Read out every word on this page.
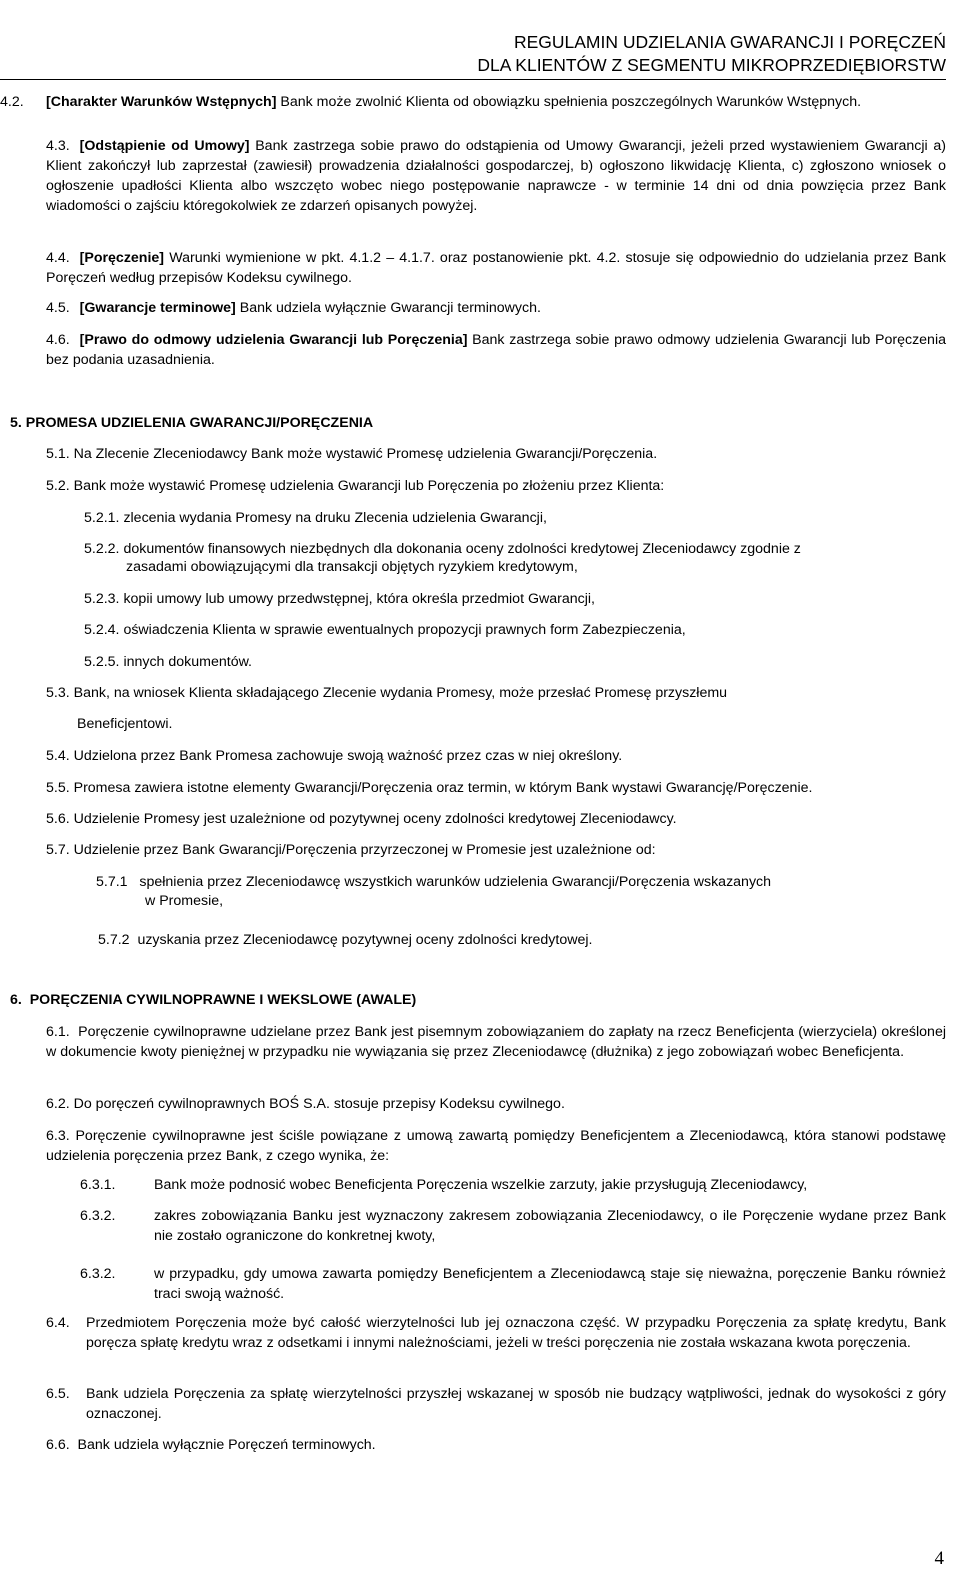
REGULAMIN UDZIELANIA GWARANCJI I PORĘCZEŃ
DLA KLIENTÓW Z SEGMENTU MIKROPRZEDIĘBIORSTW
4.2.	[Charakter Warunków Wstępnych] Bank może zwolnić Klienta od obowiązku spełnienia poszczególnych Warunków Wstępnych.
4.3. [Odstąpienie od Umowy] Bank zastrzega sobie prawo do odstąpienia od Umowy Gwarancji, jeżeli przed wystawieniem Gwarancji a) Klient zakończył lub zaprzestał (zawiesił) prowadzenia działalności gospodarczej, b) ogłoszono likwidację Klienta, c) zgłoszono wniosek o ogłoszenie upadłości Klienta albo wszczęto wobec niego postępowanie naprawcze - w terminie 14 dni od dnia powzięcia przez Bank wiadomości o zajściu któregokolwiek ze zdarzeń opisanych powyżej.
4.4. [Poręczenie] Warunki wymienione w pkt. 4.1.2 – 4.1.7. oraz postanowienie pkt. 4.2. stosuje się odpowiednio do udzielania przez Bank Poręczeń według przepisów Kodeksu cywilnego.
4.5. [Gwarancje terminowe] Bank udziela wyłącznie Gwarancji terminowych.
4.6. [Prawo do odmowy udzielenia Gwarancji lub Poręczenia] Bank zastrzega sobie prawo odmowy udzielenia Gwarancji lub Poręczenia bez podania uzasadnienia.
5. PROMESA UDZIELENIA GWARANCJI/PORĘCZENIA
5.1. Na Zlecenie Zleceniodawcy Bank może wystawić Promesę udzielenia Gwarancji/Poręczenia.
5.2. Bank może wystawić Promesę udzielenia Gwarancji lub Poręczenia po złożeniu przez Klienta:
5.2.1. zlecenia wydania Promesy na druku Zlecenia udzielenia Gwarancji,
5.2.2. dokumentów finansowych niezbędnych dla dokonania oceny zdolności kredytowej Zleceniodawcy zgodnie z
zasadami obowiązującymi dla transakcji objętych ryzykiem kredytowym,
5.2.3. kopii umowy lub umowy przedwstępnej, która określa przedmiot Gwarancji,
5.2.4. oświadczenia Klienta w sprawie ewentualnych propozycji prawnych form Zabezpieczenia,
5.2.5. innych dokumentów.
5.3. Bank, na wniosek Klienta składającego Zlecenie wydania Promesy, może przesłać Promesę przyszłemu
Beneficjentowi.
5.4. Udzielona przez Bank Promesa zachowuje swoją ważność przez czas w niej określony.
5.5. Promesa zawiera istotne elementy Gwarancji/Poręczenia oraz termin, w którym Bank wystawi Gwarancję/Poręczenie.
5.6. Udzielenie Promesy jest uzależnione od pozytywnej oceny zdolności kredytowej Zleceniodawcy.
5.7. Udzielenie przez Bank Gwarancji/Poręczenia przyrzeczonej w Promesie jest uzależnione od:
5.7.1   spełnienia przez Zleceniodawcę wszystkich warunków udzielenia Gwarancji/Poręczenia wskazanych
w Promesie,
5.7.2  uzyskania przez Zleceniodawcę pozytywnej oceny zdolności kredytowej.
6.  PORĘCZENIA CYWILNOPRAWNE I WEKSLOWE (AWALE)
6.1.  Poręczenie cywilnoprawne udzielane przez Bank jest pisemnym zobowiązaniem do zapłaty na rzecz Beneficjenta (wierzyciela) określonej w dokumencie kwoty pieniężnej w przypadku nie wywiązania się przez Zleceniodawcę (dłużnika) z jego zobowiązań wobec Beneficjenta.
6.2. Do poręczeń cywilnoprawnych BOŚ S.A. stosuje przepisy Kodeksu cywilnego.
6.3. Poręczenie cywilnoprawne jest ściśle powiązane z umową zawartą pomiędzy Beneficjentem a Zleceniodawcą, która stanowi podstawę udzielenia poręczenia przez Bank, z czego wynika, że:
6.3.1.	Bank może podnosić wobec Beneficjenta Poręczenia wszelkie zarzuty, jakie przysługują Zleceniodawcy,
6.3.2.	zakres zobowiązania Banku jest wyznaczony zakresem zobowiązania Zleceniodawcy, o ile Poręczenie wydane przez Bank nie zostało ograniczone do konkretnej kwoty,
6.3.2.	w przypadku, gdy umowa zawarta pomiędzy Beneficjentem a Zleceniodawcą staje się nieważna, poręczenie Banku również traci swoją ważność.
6.4.	Przedmiotem Poręczenia może być całość wierzytelności lub jej oznaczona część. W przypadku Poręczenia za spłatę kredytu, Bank poręcza spłatę kredytu wraz z odsetkami i innymi należnościami, jeżeli w treści poręczenia nie została wskazana kwota poręczenia.
6.5.	Bank udziela Poręczenia za spłatę wierzytelności przyszłej wskazanej w sposób nie budzący wątpliwości, jednak do wysokości z góry oznaczonej.
6.6.  Bank udziela wyłącznie Poręczeń terminowych.
4
